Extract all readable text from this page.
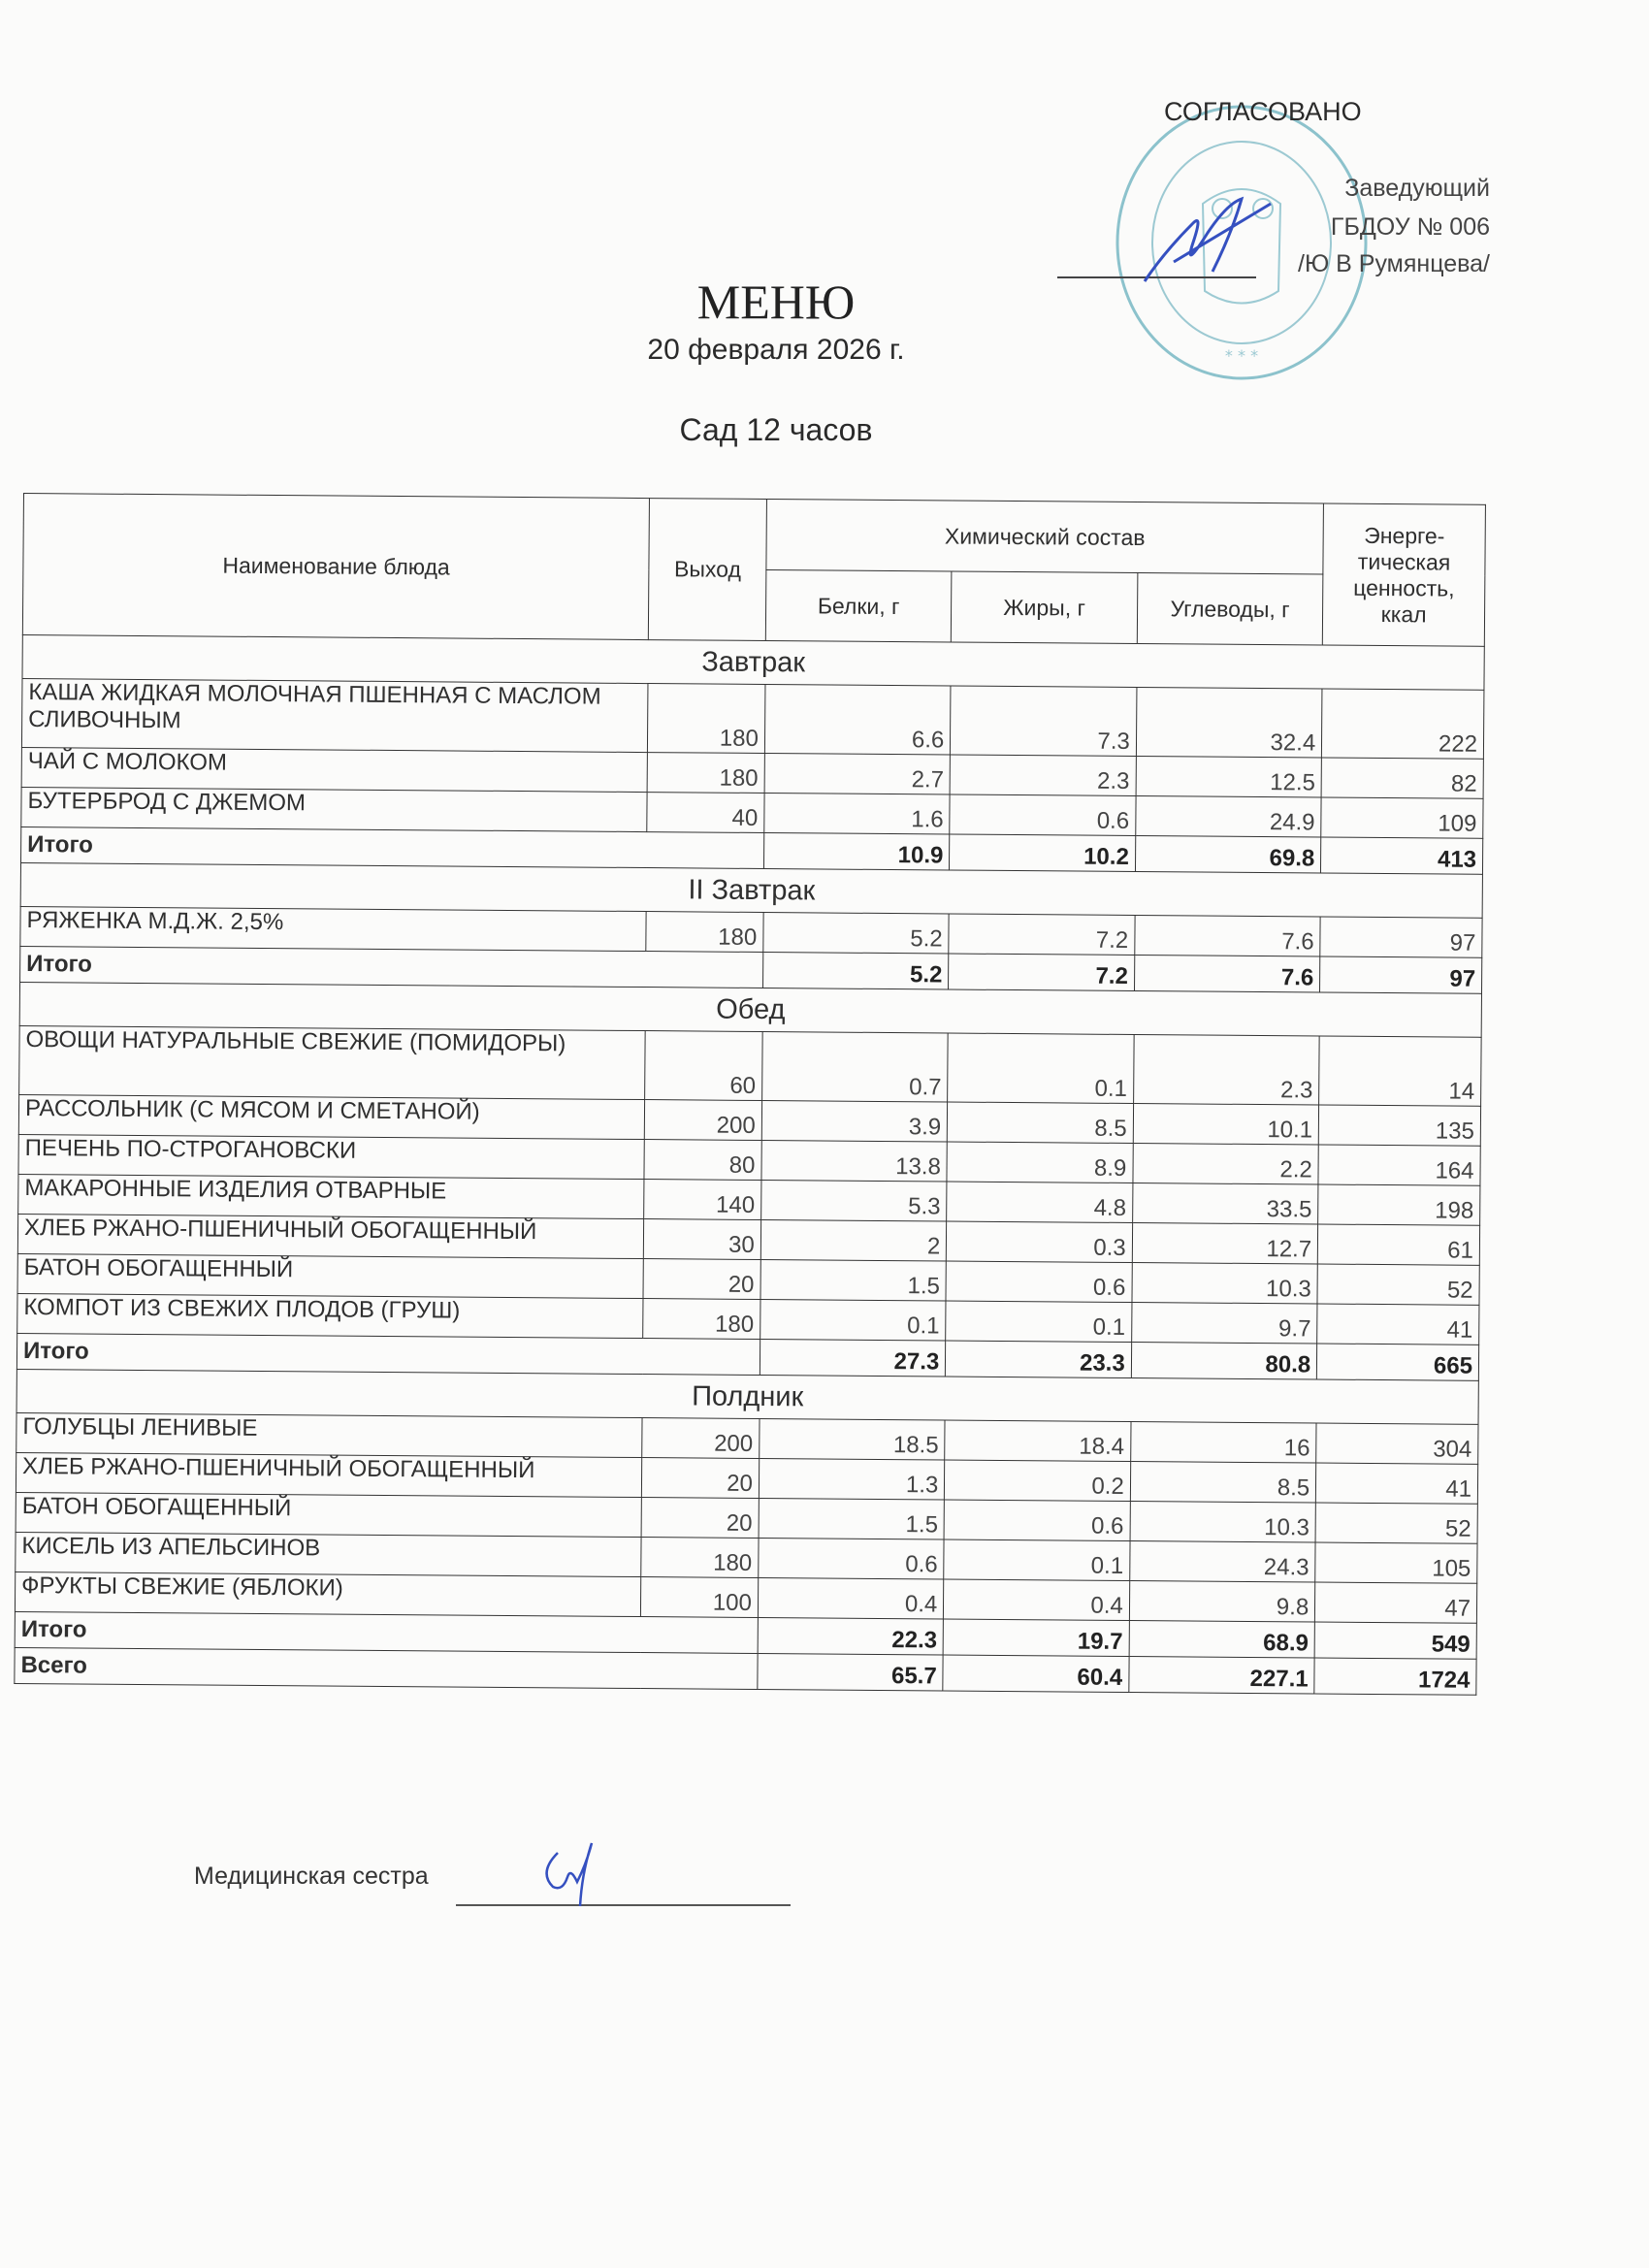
* * *
СОГЛАСОВАНО
Заведующий
ГБДОУ № 006
/Ю В Румянцева/
МЕНЮ
20 февраля 2026 г.
Сад 12 часов
Наименование блюда	Выход	Химический состав			Энерге-тическая ценность, ккал
		Белки, г	Жиры, г	Углеводы, г	
Завтрак					
КАША ЖИДКАЯ МОЛОЧНАЯ ПШЕННАЯ С МАСЛОМ СЛИВОЧНЫМ	180	6.6	7.3	32.4	222
ЧАЙ С МОЛОКОМ	180	2.7	2.3	12.5	82
БУТЕРБРОД С ДЖЕМОМ	40	1.6	0.6	24.9	109
Итого		10.9	10.2	69.8	413
II Завтрак					
РЯЖЕНКА М.Д.Ж. 2,5%	180	5.2	7.2	7.6	97
Итого		5.2	7.2	7.6	97
Обед					
ОВОЩИ НАТУРАЛЬНЫЕ СВЕЖИЕ (ПОМИДОРЫ)	60	0.7	0.1	2.3	14
РАССОЛЬНИК (С МЯСОМ И СМЕТАНОЙ)	200	3.9	8.5	10.1	135
ПЕЧЕНЬ ПО-СТРОГАНОВСКИ	80	13.8	8.9	2.2	164
МАКАРОННЫЕ ИЗДЕЛИЯ ОТВАРНЫЕ	140	5.3	4.8	33.5	198
ХЛЕБ РЖАНО-ПШЕНИЧНЫЙ ОБОГАЩЕННЫЙ	30	2	0.3	12.7	61
БАТОН ОБОГАЩЕННЫЙ	20	1.5	0.6	10.3	52
КОМПОТ ИЗ СВЕЖИХ ПЛОДОВ (ГРУШ)	180	0.1	0.1	9.7	41
Итого		27.3	23.3	80.8	665
Полдник					
ГОЛУБЦЫ ЛЕНИВЫЕ	200	18.5	18.4	16	304
ХЛЕБ РЖАНО-ПШЕНИЧНЫЙ ОБОГАЩЕННЫЙ	20	1.3	0.2	8.5	41
БАТОН ОБОГАЩЕННЫЙ	20	1.5	0.6	10.3	52
КИСЕЛЬ ИЗ АПЕЛЬСИНОВ	180	0.6	0.1	24.3	105
ФРУКТЫ СВЕЖИЕ (ЯБЛОКИ)	100	0.4	0.4	9.8	47
Итого		22.3	19.7	68.9	549
Всего		65.7	60.4	227.1	1724
Медицинская сестра
